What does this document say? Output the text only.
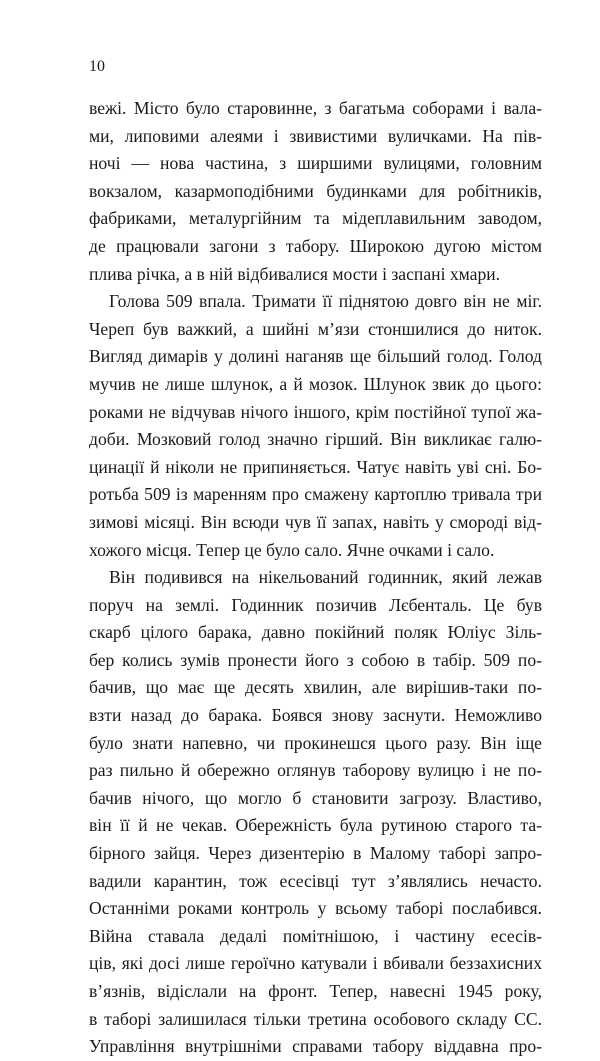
10
вежі. Місто було старовинне, з багатьма соборами і вала-
ми, липовими алеями і звивистими вуличками. На пів-
ночі — нова частина, з ширшими вулицями, головним
вокзалом, казармоподібними будинками для робітників,
фабриками, металургійним та мідеплавильним заводом,
де працювали загони з табору. Широкою дугою містом
плива річка, а в ній відбивалися мости і заспані хмари.
Голова 509 впала. Тримати її піднятою довго він не міг.
Череп був важкий, а шийні м’язи стоншилися до ниток.
Вигляд димарів у долині наганяв ще більший голод. Голод
мучив не лише шлунок, а й мозок. Шлунок звик до цього:
роками не відчував нічого іншого, крім постійної тупої жа-
доби. Мозковий голод значно гірший. Він викликає галю-
цинації й ніколи не припиняється. Чатує навіть уві сні. Бо-
ротьба 509 із маренням про смажену картоплю тривала три
зимові місяці. Він всюди чув її запах, навіть у смороді від-
хожого місця. Тепер це було сало. Ячне очками і сало.
Він подивився на нікельований годинник, який лежав
поруч на землі. Годинник позичив Лєбенталь. Це був
скарб цілого барака, давно покійний поляк Юліус Зіль-
бер колись зумів пронести його з собою в табір. 509 по-
бачив, що має ще десять хвилин, але вирішив-таки по-
взти назад до барака. Боявся знову заснути. Неможливо
було знати напевно, чи прокинешся цього разу. Він іще
раз пильно й обережно оглянув таборову вулицю і не по-
бачив нічого, що могло б становити загрозу. Властиво,
він її й не чекав. Обережність була рутиною старого та-
бірного зайця. Через дизентерію в Малому таборі запро-
вадили карантин, тож есесівці тут з’являлись нечасто.
Останніми роками контроль у всьому таборі послабився.
Війна ставала дедалі помітнішою, і частину есесів-
ців, які досі лише героїчно катували і вбивали беззахисних
в’язнів, відіслали на фронт. Тепер, навесні 1945 року,
в таборі залишилася тільки третина особового складу СС.
Управління внутрішніми справами табору віддавна про-
